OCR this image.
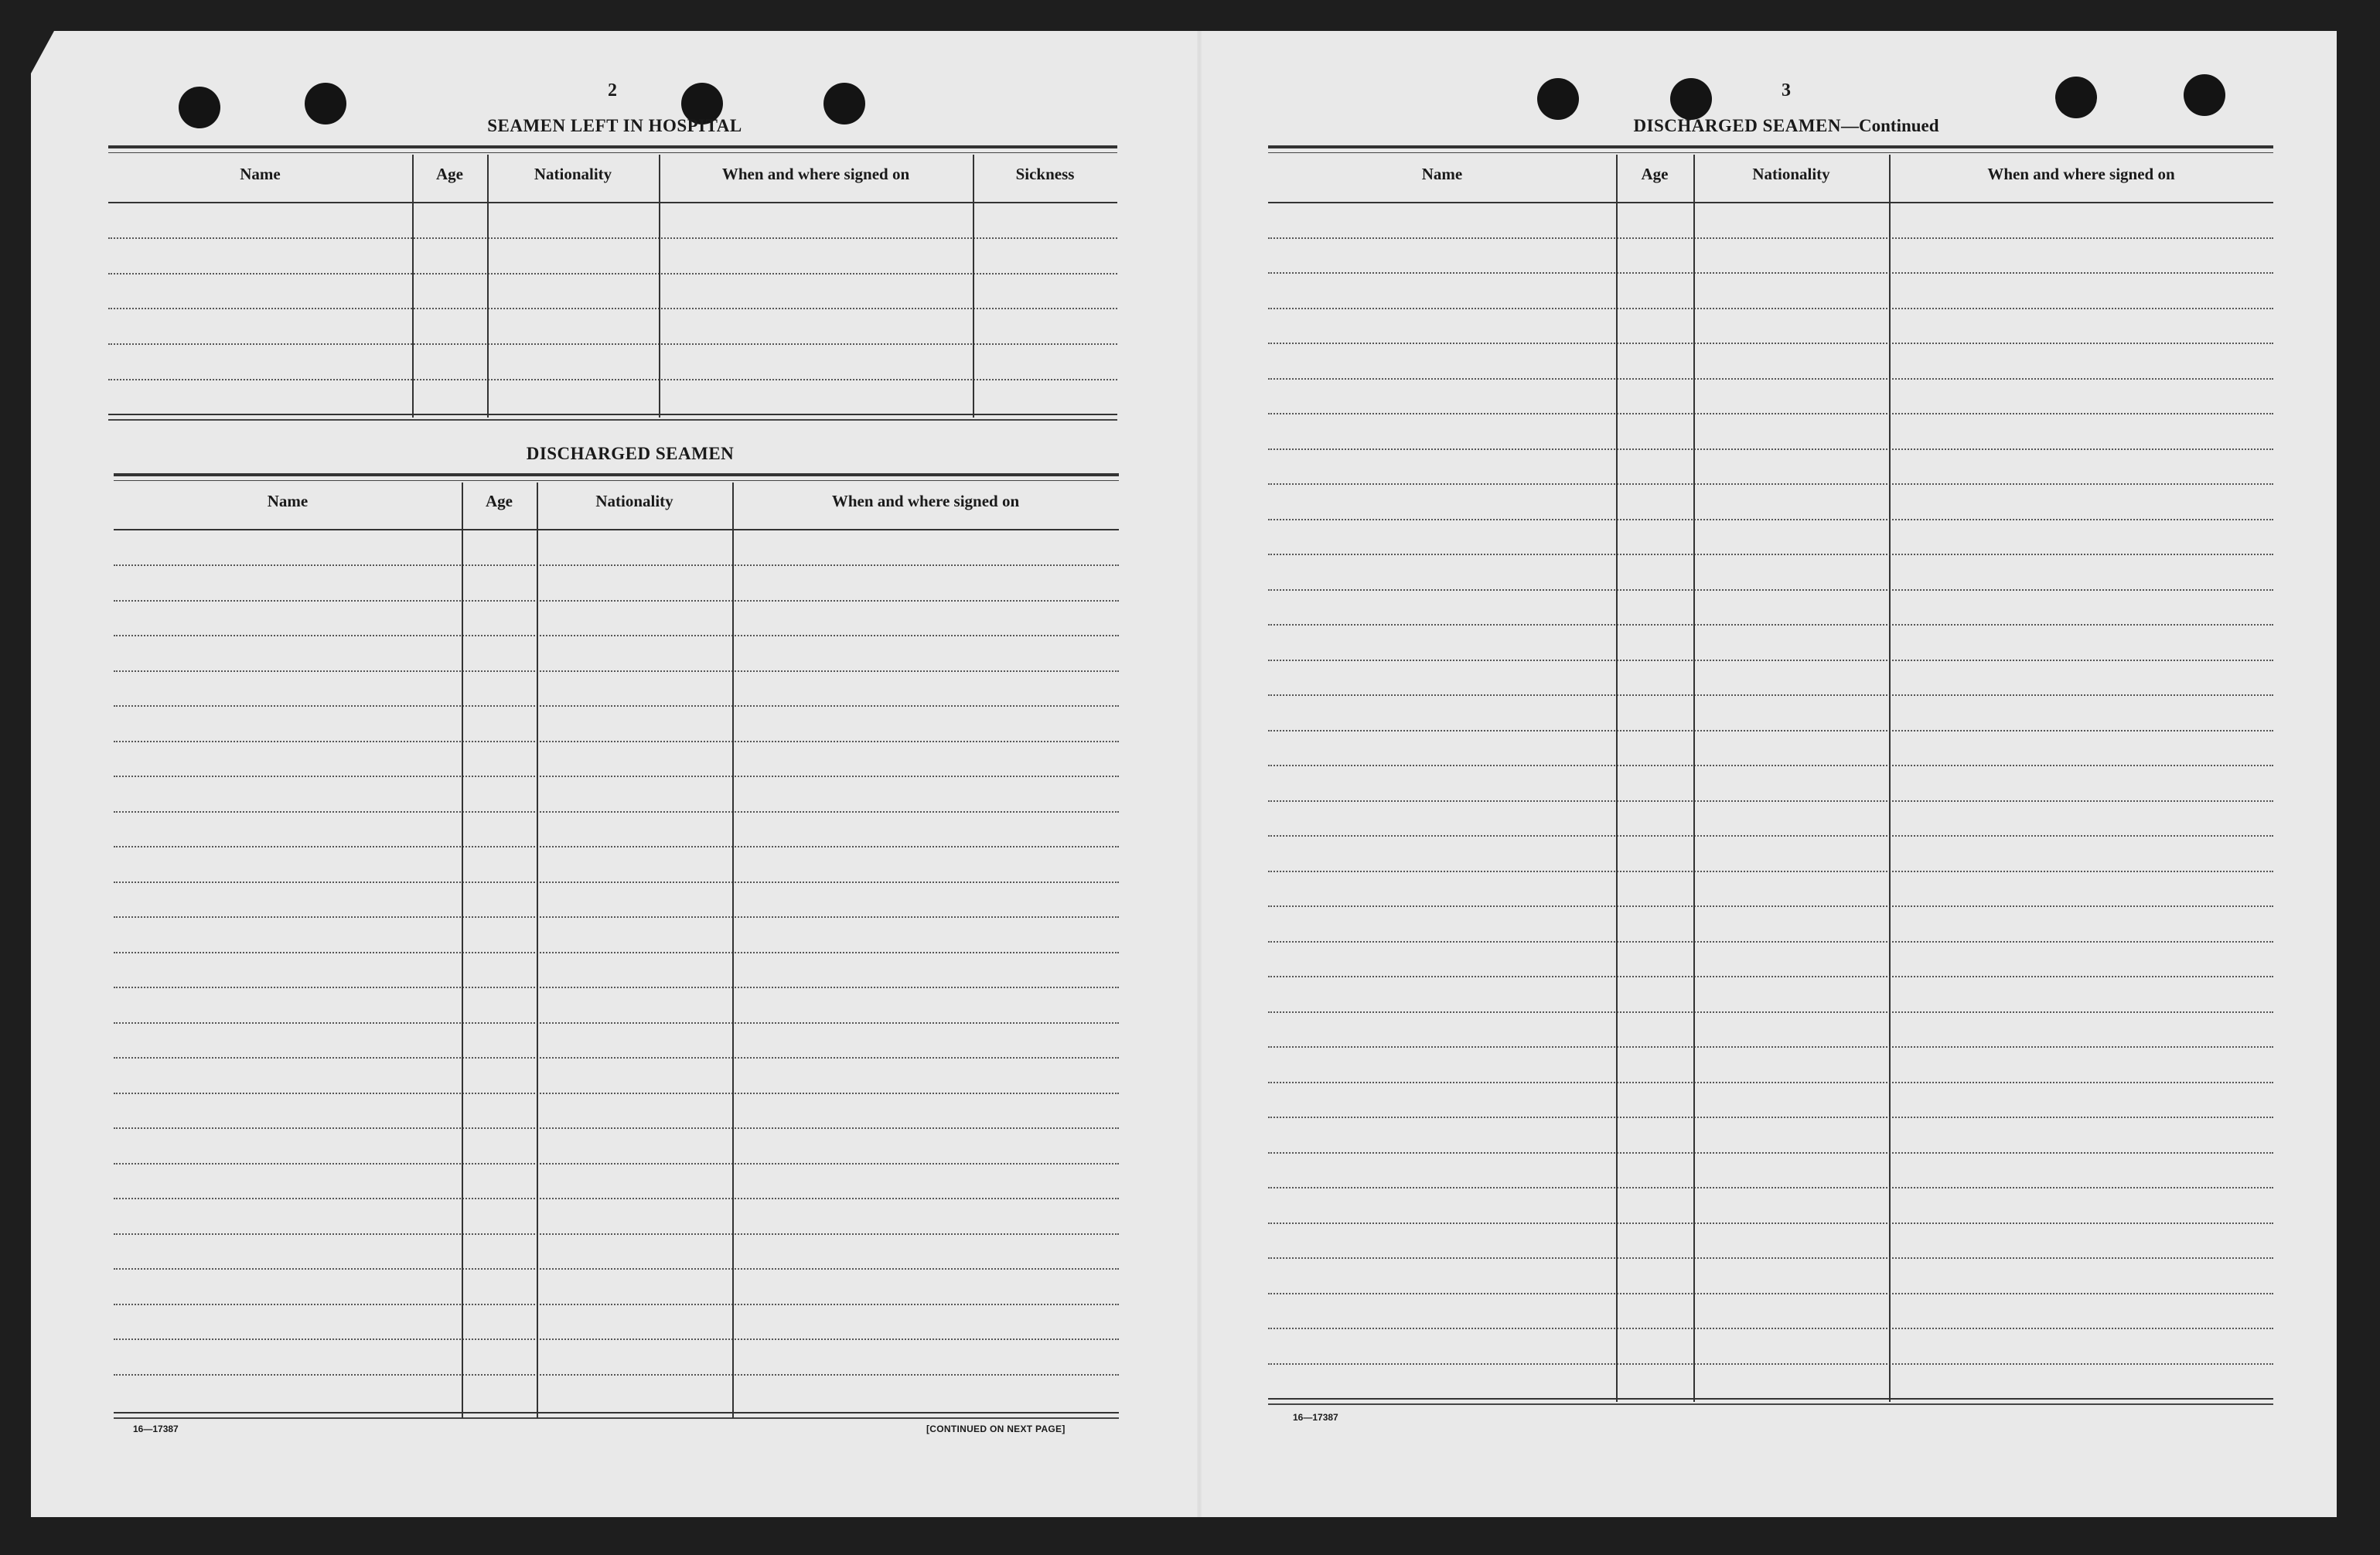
2

SEAMEN LEFT IN HOSPITAL

Name	Age	Nationality	When and where signed on	Sickness

DISCHARGED SEAMEN

Name	Age	Nationality	When and where signed on

16—17387	[CONTINUED ON NEXT PAGE]

3

DISCHARGED SEAMEN—Continued

Name	Age	Nationality	When and where signed on

16—17387
